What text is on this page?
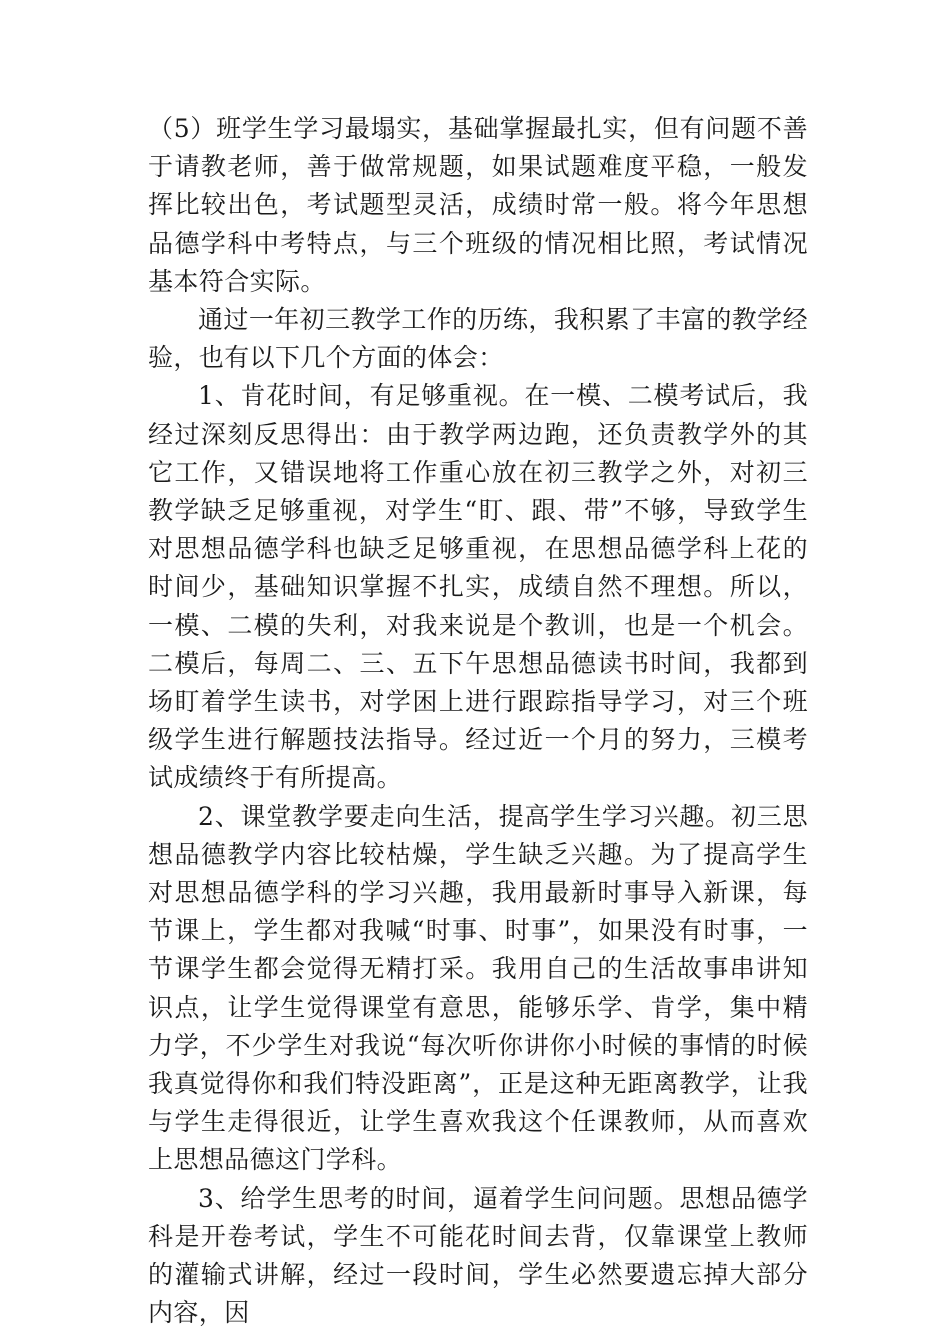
（5）班学生学习最塌实，基础掌握最扎实，但有问题不善于请教老师，善于做常规题，如果试题难度平稳，一般发挥比较出色，考试题型灵活，成绩时常一般。将今年思想品德学科中考特点，与三个班级的情况相比照，考试情况基本符合实际。

通过一年初三教学工作的历练，我积累了丰富的教学经验，也有以下几个方面的体会：

1、肯花时间，有足够重视。在一模、二模考试后，我经过深刻反思得出：由于教学两边跑，还负责教学外的其它工作，又错误地将工作重心放在初三教学之外，对初三教学缺乏足够重视，对学生“盯、跟、带”不够，导致学生对思想品德学科也缺乏足够重视，在思想品德学科上花的时间少，基础知识掌握不扎实，成绩自然不理想。所以，一模、二模的失利，对我来说是个教训，也是一个机会。二模后，每周二、三、五下午思想品德读书时间，我都到场盯着学生读书，对学困上进行跟踪指导学习，对三个班级学生进行解题技法指导。经过近一个月的努力，三模考试成绩终于有所提高。

2、课堂教学要走向生活，提高学生学习兴趣。初三思想品德教学内容比较枯燥，学生缺乏兴趣。为了提高学生对思想品德学科的学习兴趣，我用最新时事导入新课，每节课上，学生都对我喊“时事、时事”，如果没有时事，一节课学生都会觉得无精打采。我用自己的生活故事串讲知识点，让学生觉得课堂有意思，能够乐学、肯学，集中精力学，不少学生对我说“每次听你讲你小时候的事情的时候我真觉得你和我们特没距离”，正是这种无距离教学，让我与学生走得很近，让学生喜欢我这个任课教师，从而喜欢上思想品德这门学科。

3、给学生思考的时间，逼着学生问问题。思想品德学科是开卷考试，学生不可能花时间去背，仅靠课堂上教师的灌输式讲解，经过一段时间，学生必然要遗忘掉大部分内容，因
